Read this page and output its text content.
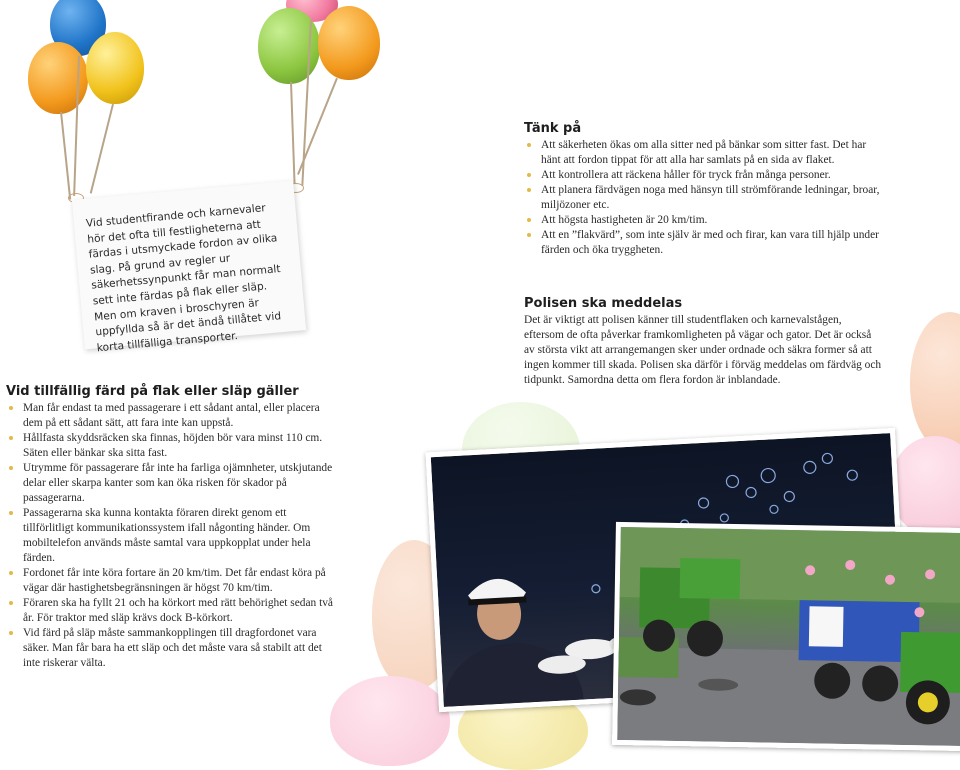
Vid studentfirande och karnevaler hör det ofta till festligheterna att färdas i utsmyckade fordon av olika slag. På grund av regler ur säkerhetssynpunkt får man normalt sett inte färdas på flak eller släp. Men om kraven i broschyren är uppfyllda så är det ändå tillåtet vid korta tillfälliga transporter.
Vid tillfällig färd på flak eller släp gäller
Man får endast ta med passagerare i ett sådant antal, eller placera dem på ett sådant sätt, att fara inte kan uppstå.
Hållfasta skyddsräcken ska finnas, höjden bör vara minst 110 cm. Säten eller bänkar ska sitta fast.
Utrymme för passagerare får inte ha farliga ojämnheter, utskjutande delar eller skarpa kanter som kan öka risken för skador på passagerarna.
Passagerarna ska kunna kontakta föraren direkt genom ett tillförlitligt kommunikationssystem ifall någonting händer. Om mobiltelefon används måste samtal vara uppkopplat under hela färden.
Fordonet får inte köra fortare än 20 km/tim. Det får endast köra på vägar där hastighetsbegränsningen är högst 70 km/tim.
Föraren ska ha fyllt 21 och ha körkort med rätt behörighet sedan två år. För traktor med släp krävs dock B-körkort.
Vid färd på släp måste sammankopplingen till dragfordonet vara säker. Man får bara ha ett släp och det måste vara så stabilt att det inte riskerar välta.
Tänk på
Att säkerheten ökas om alla sitter ned på bänkar som sitter fast. Det har hänt att fordon tippat för att alla har samlats på en sida av flaket.
Att kontrollera att räckena håller för tryck från många personer.
Att planera färdvägen noga med hänsyn till strömförande ledningar, broar, miljözoner etc.
Att högsta hastigheten är 20 km/tim.
Att en ”flakvärd”, som inte själv är med och firar, kan vara till hjälp under färden och öka tryggheten.
Polisen ska meddelas

Det är viktigt att polisen känner till studentflaken och karnevalstågen, eftersom de ofta påverkar framkomligheten på vägar och gator. Det är också av största vikt att arrangemangen sker under ordnade och säkra former så att ingen kommer till skada. Polisen ska därför i förväg meddelas om färdväg och tidpunkt. Samordna detta om flera fordon är inblandade.
